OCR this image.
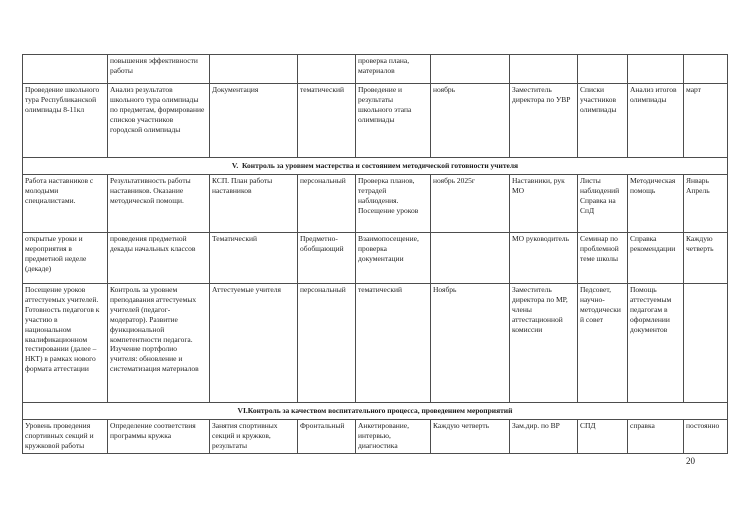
	повышения эффективности работы			проверка плана, материалов					
Проведение школьного тура Республиканской олимпиады 8-11кл	Анализ результатов школьного тура олимпиады по предметам, формирование списков участников городской олимпиады	Документация	тематический	Проведение и результаты школьного этапа олимпиады	ноябрь	Заместитель директора по УВР	Списки участников олимпиады	Анализ итогов олимпиады	март
V.  Контроль за уровнем мастерства и состоянием методической готовности учителя									
Работа наставников с молодыми специалистами.	Результативность работы наставников. Оказание методической помощи.	КСП. План работы наставников	персональный	Проверка планов, тетрадей наблюдения. Посещение уроков	ноябрь 2025г	Наставники, рук МО	Листы наблюдений Справка на СпД	Методическая помощь	Январь Апрель
открытые уроки и мероприятия в предметной неделе (декаде)	проведения предметной декады начальных классов	Тематический	Предметно-обобщающий	Взаимопосещение, проверка документации		МО руководитель	Семинар по проблемной теме школы	Справка рекомендации	Каждую четверть
Посещение уроков аттестуемых учителей. Готовность педагогов к участию в национальном квалификационном тестировании (далее – НКТ) в рамках нового формата аттестации	Контроль за уровнем преподавания аттестуемых учителей (педагог-модератор). Развитие функциональной компетентности педагога. Изучение портфолио учителя: обновление и систематизация материалов	Аттестуемые учителя	персональный	тематический	Ноябрь	Заместитель директора по МР, члены аттестационной комиссии	Педсовет, научно-методический совет	Помощь аттестуемым педагогам в оформлении документов	
VI.Контроль за качеством воспитательного процесса, проведением мероприятий									
Уровень проведения спортивных секций и кружковой работы	Определение соответствия программы кружка	Занятия спортивных секций и кружков, результаты	Фронтальный	Анкетирование, интервью, диагностика	Каждую четверть	Зам.дир. по ВР	СПД	справка	постоянно
20
